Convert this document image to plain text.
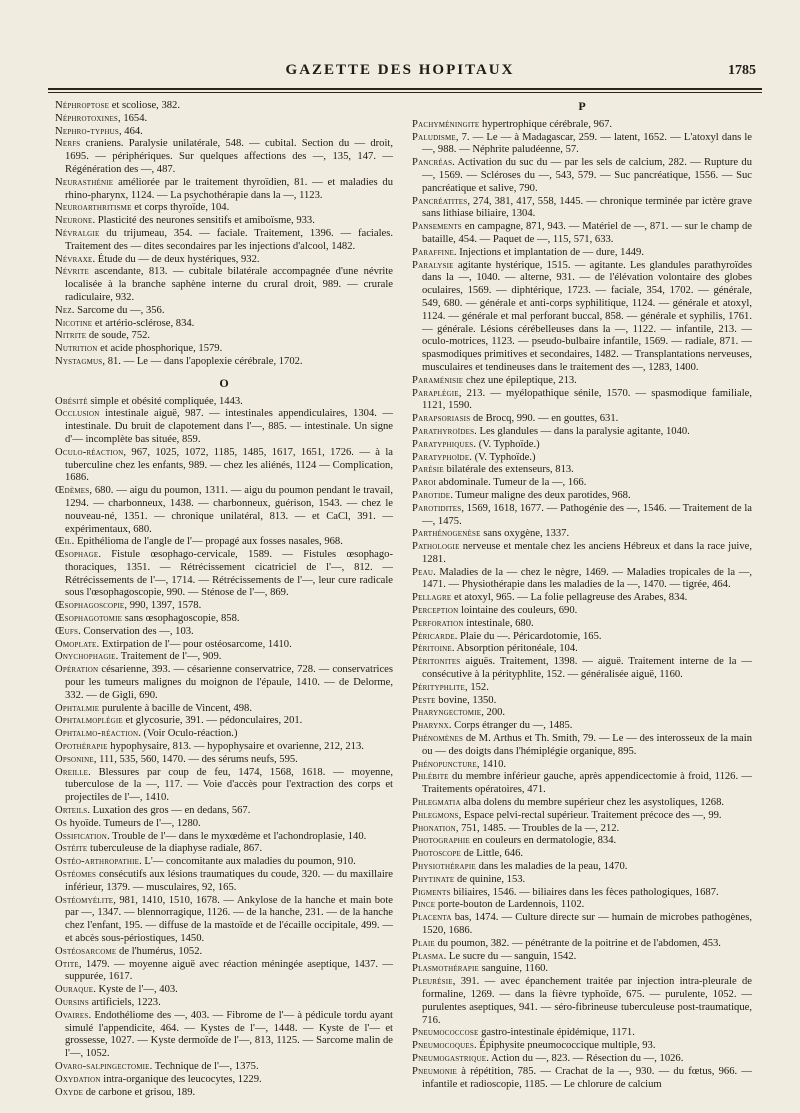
GAZETTE DES HOPITAUX	1785

Néphroptose et scoliose, 382.

Néphrotoxines, 1654.

Nephro-typhus, 464.

Nerfs craniens. Paralysie unilatérale, 548. — cubital. Section du — droit, 1695. — périphériques. Sur quelques affections des —, 135, 147. — Régénération des —, 487.

Neurasthénie améliorée par le traitement thyroïdien, 81. — et maladies du rhino-pharynx, 1124. — La psychothérapie dans la —, 1123.

Neuroarthritisme et corps thyroïde, 104.

Neurone. Plasticité des neurones sensitifs et amiboïsme, 933.

Névralgie du trijumeau, 354. — faciale. Traitement, 1396. — faciales. Traitement des — dites secondaires par les injections d'alcool, 1482.

Névraxe. Étude du — de deux hystériques, 932.

Névrite ascendante, 813. — cubitale bilatérale accompagnée d'une névrite localisée à la branche saphène interne du crural droit, 989. — crurale radiculaire, 932.

Nez. Sarcome du —, 356.

Nicotine et artério-sclérose, 834.

Nitrite de soude, 752.

Nutrition et acide phosphorique, 1579.

Nystagmus, 81. — Le — dans l'apoplexie cérébrale, 1702.

O

Obésité simple et obésité compliquée, 1443.

Occlusion intestinale aiguë, 987. — intestinales appendiculaires, 1304. — intestinale. Du bruit de clapotement dans l'—, 885. — intestinale. Un signe d'— incomplète bas située, 859.

Oculo-réaction, 967, 1025, 1072, 1185, 1485, 1617, 1651, 1726. — à la tuberculine chez les enfants, 989. — chez les aliénés, 1124 — Complication, 1686.

Œdèmes, 680. — aigu du poumon, 1311. — aigu du poumon pendant le travail, 1294. — charbonneux, 1438. — charbonneux, guérison, 1543. — chez le nouveau-né, 1351. — chronique unilatéral, 813. — et CaCl, 391. — expérimentaux, 680.

Œil. Epithélioma de l'angle de l'— propagé aux fosses nasales, 968.

Œsophage. Fistule œsophago-cervicale, 1589. — Fistules œsophago-thoraciques, 1351. — Rétrécissement cicatriciel de l'—, 812. — Rétrécissements de l'—, 1714. — Rétrécissements de l'—, leur cure radicale sous l'œsophagoscopie, 990. — Sténose de l'—, 869.

Œsophagoscopie, 990, 1397, 1578.

Œsophagotomie sans œsophagoscopie, 858.

Œufs. Conservation des —, 103.

Omoplate. Extirpation de l'— pour ostéosarcome, 1410.

Onychophagie. Traitement de l'—, 909.

Opération césarienne, 393. — césarienne conservatrice, 728. — conservatrices pour les tumeurs malignes du moignon de l'épaule, 1410. — de Delorme, 332. — de Gigli, 690.

Ophtalmie purulente à bacille de Vincent, 498.

Ophtalmoplégie et glycosurie, 391. — pédonculaires, 201.

Ophtalmo-réaction. (Voir Oculo-réaction.)

Opothérapie hypophysaire, 813. — hypophysaire et ovarienne, 212, 213.

Opsonine, 111, 535, 560, 1470. — des sérums neufs, 595.

Oreille. Blessures par coup de feu, 1474, 1568, 1618. — moyenne, tuberculose de la —, 117. — Voie d'accès pour l'extraction des corps et projectiles de l'—, 1410.

Orteils. Luxation des gros — en dedans, 567.

Os hyoïde. Tumeurs de l'—, 1280.

Ossification. Trouble de l'— dans le myxœdème et l'achondroplasie, 140.

Ostéite tuberculeuse de la diaphyse radiale, 867.

Ostéo-arthropathie. L'— concomitante aux maladies du poumon, 910.

Ostéomes consécutifs aux lésions traumatiques du coude, 320. — du maxillaire inférieur, 1379. — musculaires, 92, 165.

Ostéomyélite, 981, 1410, 1510, 1678. — Ankylose de la hanche et main bote par —, 1347. — blennorragique, 1126. — de la hanche, 231. — de la hanche chez l'enfant, 195. — diffuse de la mastoïde et de l'écaille occipitale, 499. — et abcès sous-périostiques, 1450.

Ostéosarcome de l'humérus, 1052.

Otite, 1479. — moyenne aiguë avec réaction méningée aseptique, 1437. — suppurée, 1617.

Ouraque. Kyste de l'—, 403.

Oursins artificiels, 1223.

Ovaires. Endothéliome des —, 403. — Fibrome de l'— à pédicule tordu ayant simulé l'appendicite, 464. — Kystes de l'—, 1448. — Kyste de l'— et grossesse, 1027. — Kyste dermoïde de l'—, 813, 1125. — Sarcome malin de l'—, 1052.

Ovaro-salpingectomie. Technique de l'—, 1375.

Oxydation intra-organique des leucocytes, 1229.

Oxyde de carbone et grisou, 189.

P

Pachyméningite hypertrophique cérébrale, 967.

Paludisme, 7. — Le — à Madagascar, 259. — latent, 1652. — L'atoxyl dans le —, 988. — Néphrite paludéenne, 57.

Pancréas. Activation du suc du — par les sels de calcium, 282. — Rupture du —, 1569. — Scléroses du —, 543, 579. — Suc pancréatique, 1556. — Suc pancréatique et salive, 790.

Pancréatites, 274, 381, 417, 558, 1445. — chronique terminée par ictère grave sans lithiase biliaire, 1304.

Pansements en campagne, 871, 943. — Matériel de —, 871. — sur le champ de bataille, 454. — Paquet de —, 115, 571, 633.

Paraffine. Injections et implantation de — dure, 1449.

Paralysie agitante hystérique, 1515. — agitante. Les glandules parathyroïdes dans la —, 1040. — alterne, 931. — de l'élévation volontaire des globes oculaires, 1569. — diphtérique, 1723. — faciale, 354, 1702. — générale, 549, 680. — générale et anti-corps syphilitique, 1124. — générale et atoxyl, 1124. — générale et mal perforant buccal, 858. — générale et syphilis, 1761. — générale. Lésions cérébelleuses dans la —, 1122. — infantile, 213. — oculo-motrices, 1123. — pseudo-bulbaire infantile, 1569. — radiale, 871. — spasmodiques primitives et secondaires, 1482. — Transplantations nerveuses, musculaires et tendineuses dans le traitement des —, 1283, 1400.

Paraménisie chez une épileptique, 213.

Paraplégie, 213. — myélopathique sénile, 1570. — spasmodique familiale, 1121, 1590.

Parapsoriasis de Brocq, 990. — en gouttes, 631.

Parathyroïdes. Les glandules — dans la paralysie agitante, 1040.

Paratyphiques. (V. Typhoïde.)

Paratyphoïde. (V. Typhoïde.)

Parésie bilatérale des extenseurs, 813.

Paroi abdominale. Tumeur de la —, 166.

Parotide. Tumeur maligne des deux parotides, 968.

Parotidites, 1569, 1618, 1677. — Pathogénie des —, 1546. — Traitement de la —, 1475.

Parthénogenèse sans oxygène, 1337.

Pathologie nerveuse et mentale chez les anciens Hébreux et dans la race juive, 1281.

Peau. Maladies de la — chez le nègre, 1469. — Maladies tropicales de la —, 1471. — Physiothérapie dans les maladies de la —, 1470. — tigrée, 464.

Pellagre et atoxyl, 965. — La folie pellagreuse des Arabes, 834.

Perception lointaine des couleurs, 690.

Perforation intestinale, 680.

Péricarde. Plaie du —. Péricardotomie, 165.

Péritoine. Absorption péritonéale, 104.

Péritonites aiguës. Traitement, 1398. — aiguë. Traitement interne de la — consécutive à la pérityphlite, 152. — généralisée aiguë, 1160.

Pérityphlite, 152.

Peste bovine, 1350.

Pharyngectomie, 200.

Pharynx. Corps étranger du —, 1485.

Phénomènes de M. Arthus et Th. Smith, 79. — Le — des interosseux de la main ou — des doigts dans l'hémiplégie organique, 895.

Phénopuncture, 1410.

Phlébite du membre inférieur gauche, après appendicectomie à froid, 1126. — Traitements opératoires, 471.

Phlegmatia alba dolens du membre supérieur chez les asystoliques, 1268.

Phlegmons, Espace pelvi-rectal supérieur. Traitement précoce des —, 99.

Phonation, 751, 1485. — Troubles de la —, 212.

Photographie en couleurs en dermatologie, 834.

Photoscope de Little, 646.

Physiothérapie dans les maladies de la peau, 1470.

Phytinate de quinine, 153.

Pigments biliaires, 1546. — biliaires dans les fèces pathologiques, 1687.

Pince porte-bouton de Lardennois, 1102.

Placenta bas, 1474. — Culture directe sur — humain de microbes pathogènes, 1520, 1686.

Plaie du poumon, 382. — pénétrante de la poitrine et de l'abdomen, 453.

Plasma. Le sucre du — sanguin, 1542.

Plasmothérapie sanguine, 1160.

Pleurésie, 391. — avec épanchement traitée par injection intra-pleurale de formaline, 1269. — dans la fièvre typhoïde, 675. — purulente, 1052. — purulentes aseptiques, 941. — séro-fibrineuse tuberculeuse post-traumatique, 716.

Pneumococcose gastro-intestinale épidémique, 1171.

Pneumocoques. Épiphysite pneumococcique multiple, 93.

Pneumogastrique. Action du —, 823. — Résection du —, 1026.

Pneumonie à répétition, 785. — Crachat de la —, 930. — du fœtus, 966. — infantile et radioscopie, 1185. — Le chlorure de calcium
